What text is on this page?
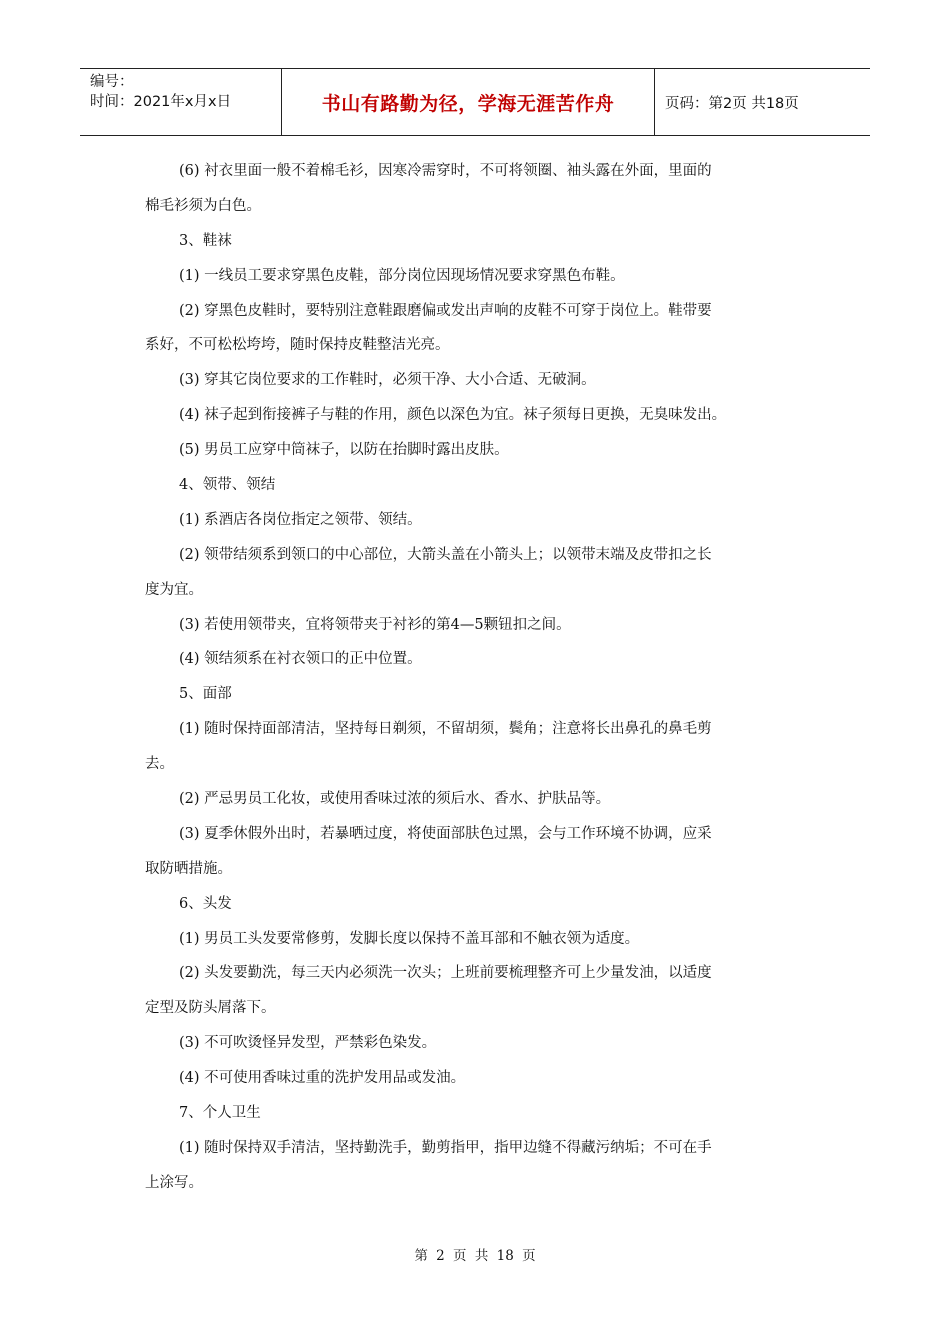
编号：
时间：2021年x月x日	书山有路勤为径，学海无涯苦作舟	页码：第2页 共18页
(6) 衬衣里面一般不着棉毛衫，因寒冷需穿时，不可将领圈、袖头露在外面，里面的
棉毛衫须为白色。
3、鞋袜
(1) 一线员工要求穿黑色皮鞋，部分岗位因现场情况要求穿黑色布鞋。
(2) 穿黑色皮鞋时，要特别注意鞋跟磨偏或发出声响的皮鞋不可穿于岗位上。鞋带要
系好，不可松松垮垮，随时保持皮鞋整洁光亮。
(3) 穿其它岗位要求的工作鞋时，必须干净、大小合适、无破洞。
(4) 袜子起到衔接裤子与鞋的作用，颜色以深色为宜。袜子须每日更换，无臭味发出。
(5) 男员工应穿中筒袜子，以防在抬脚时露出皮肤。
4、领带、领结
(1) 系酒店各岗位指定之领带、领结。
(2) 领带结须系到领口的中心部位，大箭头盖在小箭头上；以领带末端及皮带扣之长
度为宜。
(3) 若使用领带夹，宜将领带夹于衬衫的第4—5颗钮扣之间。
(4) 领结须系在衬衣领口的正中位置。
5、面部
(1) 随时保持面部清洁，坚持每日剃须，不留胡须，鬓角；注意将长出鼻孔的鼻毛剪
去。
(2) 严忌男员工化妆，或使用香味过浓的须后水、香水、护肤品等。
(3) 夏季休假外出时，若暴晒过度，将使面部肤色过黑，会与工作环境不协调，应采
取防晒措施。
6、头发
(1) 男员工头发要常修剪，发脚长度以保持不盖耳部和不触衣领为适度。
(2) 头发要勤洗，每三天内必须洗一次头；上班前要梳理整齐可上少量发油，以适度
定型及防头屑落下。
(3) 不可吹烫怪异发型，严禁彩色染发。
(4) 不可使用香味过重的洗护发用品或发油。
7、个人卫生
(1) 随时保持双手清洁，坚持勤洗手，勤剪指甲，指甲边缝不得藏污纳垢；不可在手
上涂写。
第 2 页 共 18 页
